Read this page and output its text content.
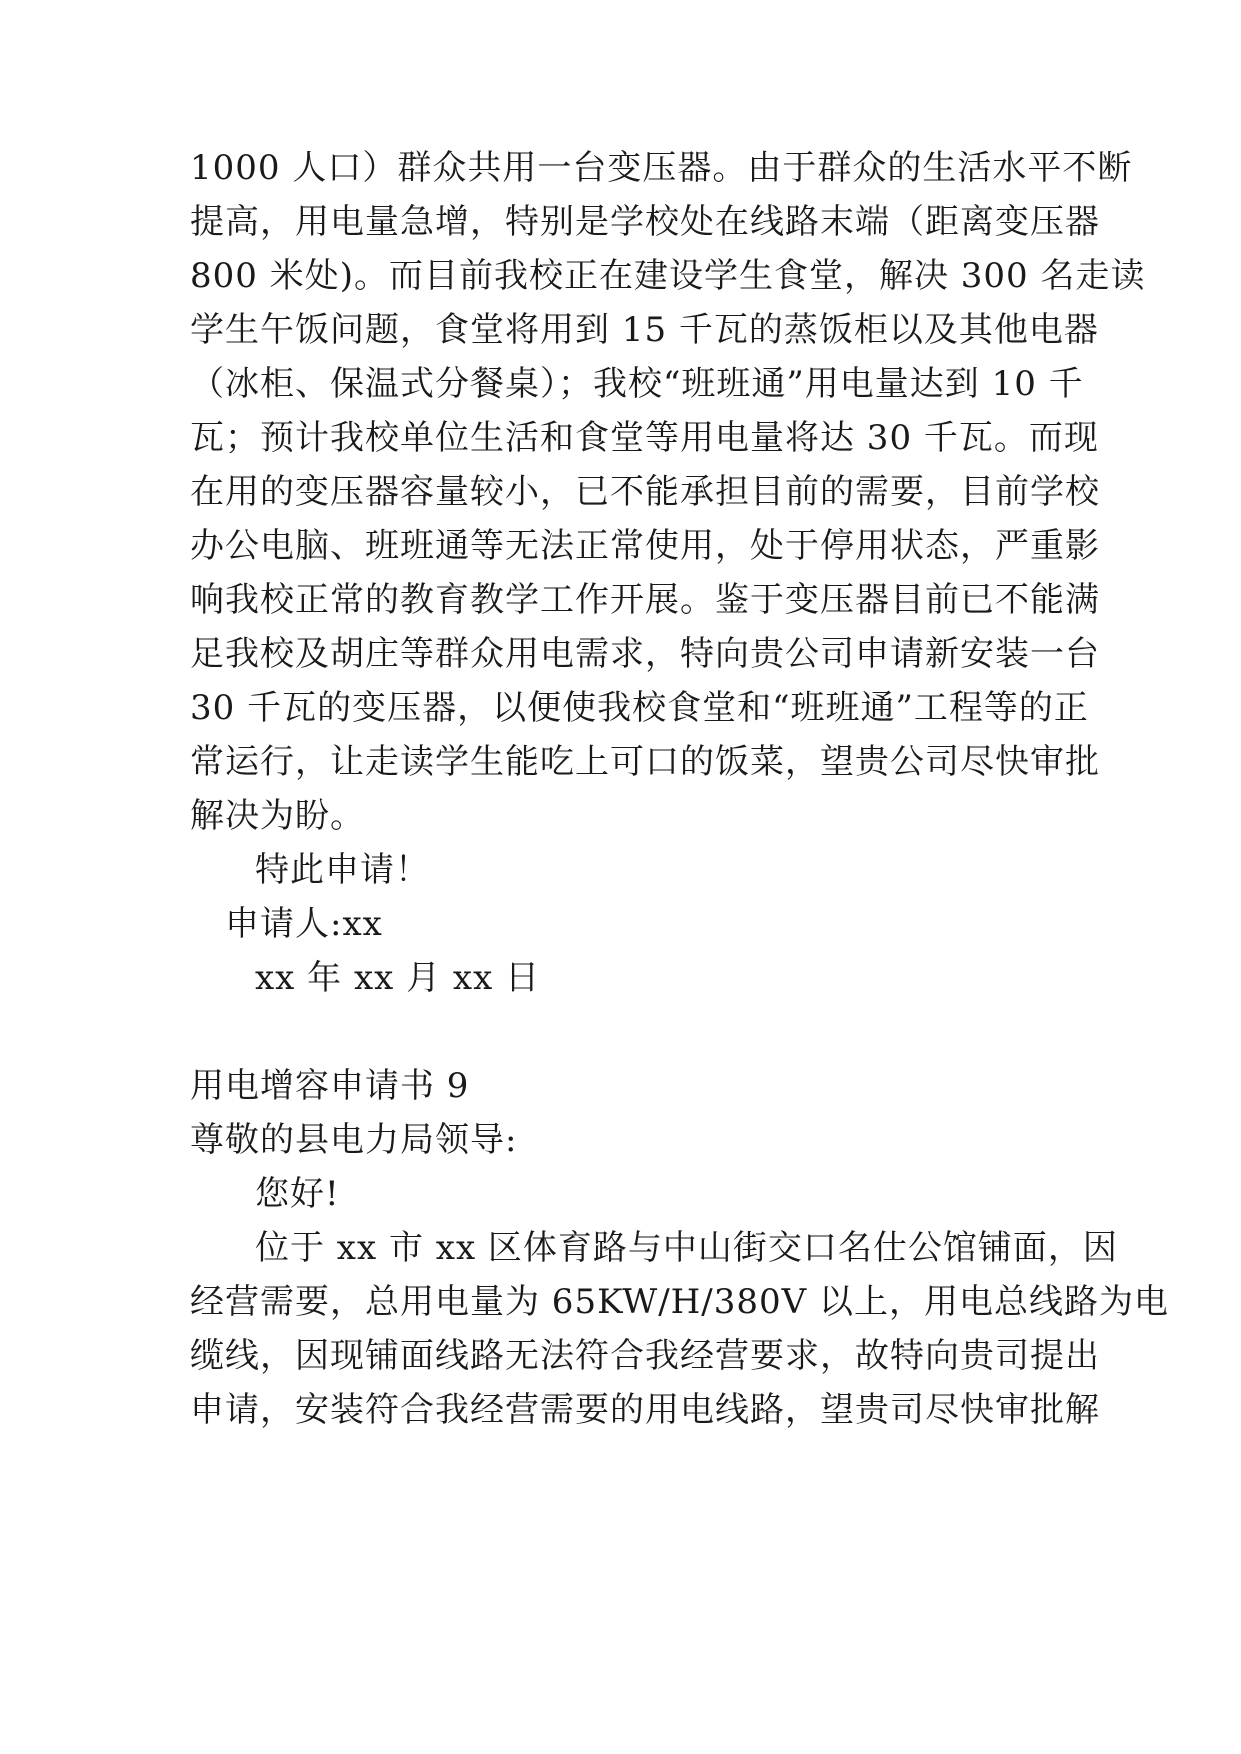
1000 人口）群众共用一台变压器。由于群众的生活水平不断
提高，用电量急增，特别是学校处在线路末端（距离变压器
800 米处)。而目前我校正在建设学生食堂，解决 300 名走读
学生午饭问题，食堂将用到 15 千瓦的蒸饭柜以及其他电器
（冰柜、保温式分餐桌）；我校“班班通”用电量达到 10 千
瓦；预计我校单位生活和食堂等用电量将达 30 千瓦。而现
在用的变压器容量较小，已不能承担目前的需要，目前学校
办公电脑、班班通等无法正常使用，处于停用状态，严重影
响我校正常的教育教学工作开展。鉴于变压器目前已不能满
足我校及胡庄等群众用电需求，特向贵公司申请新安装一台
30 千瓦的变压器，以便使我校食堂和“班班通”工程等的正
常运行，让走读学生能吃上可口的饭菜，望贵公司尽快审批
解决为盼。
特此申请！
申请人:xx
xx 年 xx 月 xx 日
用电增容申请书 9
尊敬的县电力局领导:
您好!
位于 xx 市 xx 区体育路与中山街交口名仕公馆铺面，因
经营需要，总用电量为 65KW/H/380V 以上，用电总线路为电
缆线，因现铺面线路无法符合我经营要求，故特向贵司提出
申请，安装符合我经营需要的用电线路，望贵司尽快审批解
